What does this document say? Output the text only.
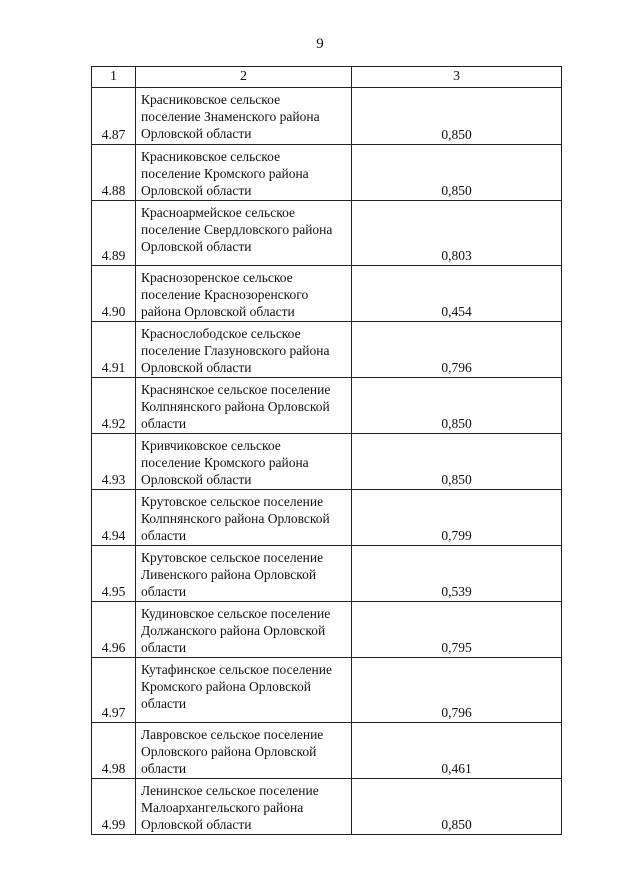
9
1	2	3
4.87	Красниковское сельское
поселение Знаменского района
Орловской области	0,850
4.88	Красниковское сельское
поселение Кромского района
Орловской области	0,850
4.89	Красноармейское сельское
поселение Свердловского района
Орловской области	0,803
4.90	Краснозоренское сельское
поселение Краснозоренского
района Орловской области	0,454
4.91	Краснослободское сельское
поселение Глазуновского района
Орловской области	0,796
4.92	Краснянское сельское поселение
Колпнянского района Орловской
области	0,850
4.93	Кривчиковское сельское
поселение Кромского района
Орловской области	0,850
4.94	Крутовское сельское поселение
Колпнянского района Орловской
области	0,799
4.95	Крутовское сельское поселение
Ливенского района Орловской
области	0,539
4.96	Кудиновское сельское поселение
Должанского района Орловской
области	0,795
4.97	Кутафинское сельское поселение
Кромского района Орловской
области	0,796
4.98	Лавровское сельское поселение
Орловского района Орловской
области	0,461
4.99	Ленинское сельское поселение
Малоархангельского района
Орловской области	0,850
